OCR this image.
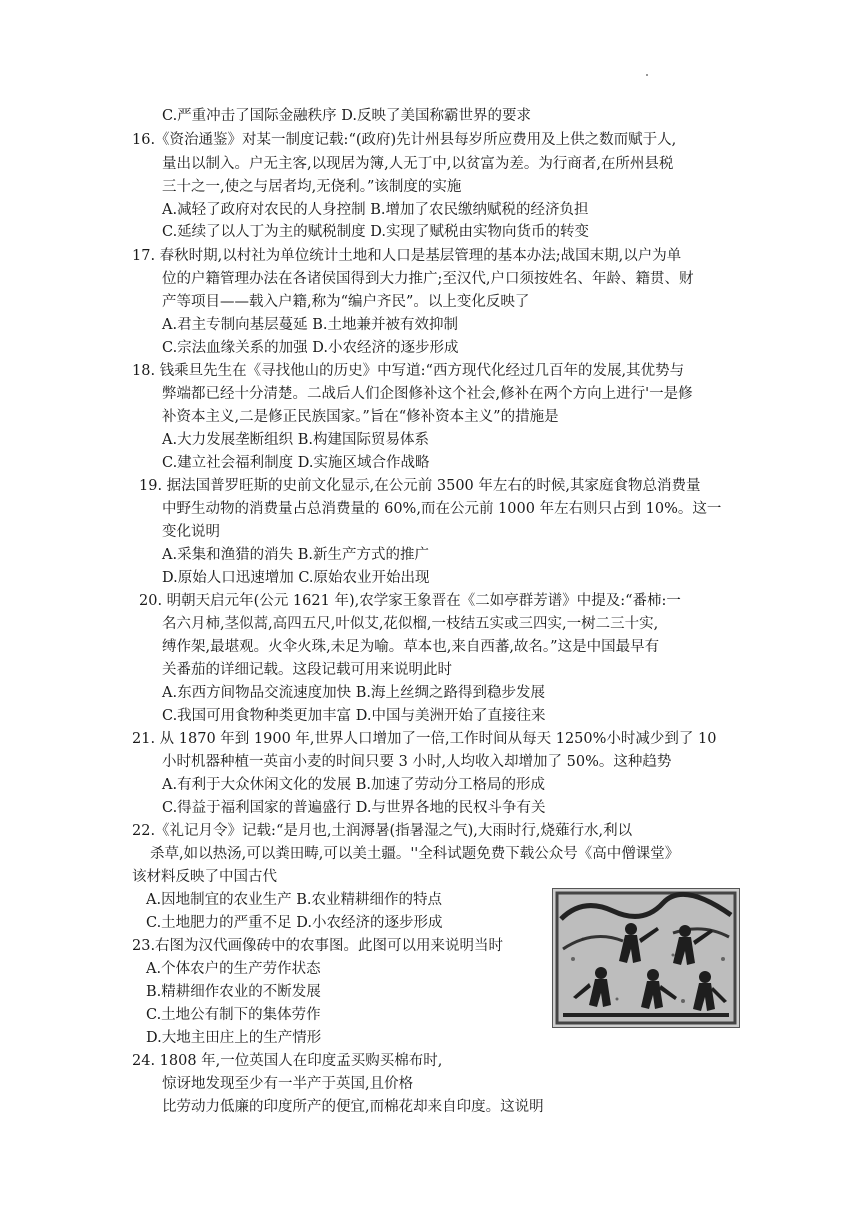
C.严重冲击了国际金融秩序 D.反映了美国称霸世界的要求
16.《资治通鉴》对某一制度记载:“(政府)先计州县每岁所应费用及上供之数而赋于人,
量出以制入。户无主客,以现居为簿,人无丁中,以贫富为差。为行商者,在所州县税
三十之一,使之与居者均,无侥利。”该制度的实施
A.减轻了政府对农民的人身控制 B.增加了农民缴纳赋税的经济负担
C.延续了以人丁为主的赋税制度 D.实现了赋税由实物向货币的转变
17. 春秋时期,以村社为单位统计土地和人口是基层管理的基本办法;战国末期,以户为单
位的户籍管理办法在各诸侯国得到大力推广;至汉代,户口须按姓名、年龄、籍贯、财
产等项目——载入户籍,称为“编户齐民”。以上变化反映了
A.君主专制向基层蔓延 B.土地兼并被有效抑制
C.宗法血缘关系的加强 D.小农经济的逐步形成
18. 钱乘旦先生在《寻找他山的历史》中写道:“西方现代化经过几百年的发展,其优势与
弊端都已经十分清楚。二战后人们企图修补这个社会,修补在两个方向上进行'一是修
补资本主义,二是修正民族国家。”旨在“修补资本主义”的措施是
A.大力发展垄断组织 B.构建国际贸易体系
C.建立社会福利制度 D.实施区域合作战略
19. 据法国普罗旺斯的史前文化显示,在公元前 3500 年左右的时候,其家庭食物总消费量
中野生动物的消费量占总消费量的 60%,而在公元前 1000 年左右则只占到 10%。这一
变化说明
A.采集和渔猎的消失 B.新生产方式的推广
D.原始人口迅速增加 C.原始农业开始出现
20. 明朝天启元年(公元 1621 年),农学家王象晋在《二如亭群芳谱》中提及:“番柿:一
名六月柿,茎似蒿,高四五尺,叶似艾,花似榴,一枝结五实或三四实,一树二三十实,
缚作架,最堪观。火伞火珠,未足为喻。草本也,来自西蕃,故名。”这是中国最早有
关番茄的详细记载。这段记载可用来说明此时
A.东西方间物品交流速度加快 B.海上丝绸之路得到稳步发展
C.我国可用食物种类更加丰富 D.中国与美洲开始了直接往来
21. 从 1870 年到 1900 年,世界人口增加了一倍,工作时间从每天 1250%小时减少到了 10
小时机器种植一英亩小麦的时间只要 3 小时,人均收入却增加了 50%。这种趋势
A.有利于大众休闲文化的发展 B.加速了劳动分工格局的形成
C.得益于福利国家的普遍盛行 D.与世界各地的民权斗争有关
22.《礼记月令》记载:“是月也,土润溽暑(指暑湿之气),大雨时行,烧薙行水,利以
杀草,如以热汤,可以粪田畴,可以美土疆。''全科试题免费下载公众号《高中僧课堂》
该材料反映了中国古代
A.因地制宜的农业生产 B.农业精耕细作的特点
C.土地肥力的严重不足 D.小农经济的逐步形成
23.右图为汉代画像砖中的农事图。此图可以用来说明当时
A.个体农户的生产劳作状态
B.精耕细作农业的不断发展
C.土地公有制下的集体劳作
D.大地主田庄上的生产情形
24. 1808 年,一位英国人在印度孟买购买棉布时,
惊讶地发现至少有一半产于英国,且价格
比劳动力低廉的印度所产的便宜,而棉花却来自印度。这说明
